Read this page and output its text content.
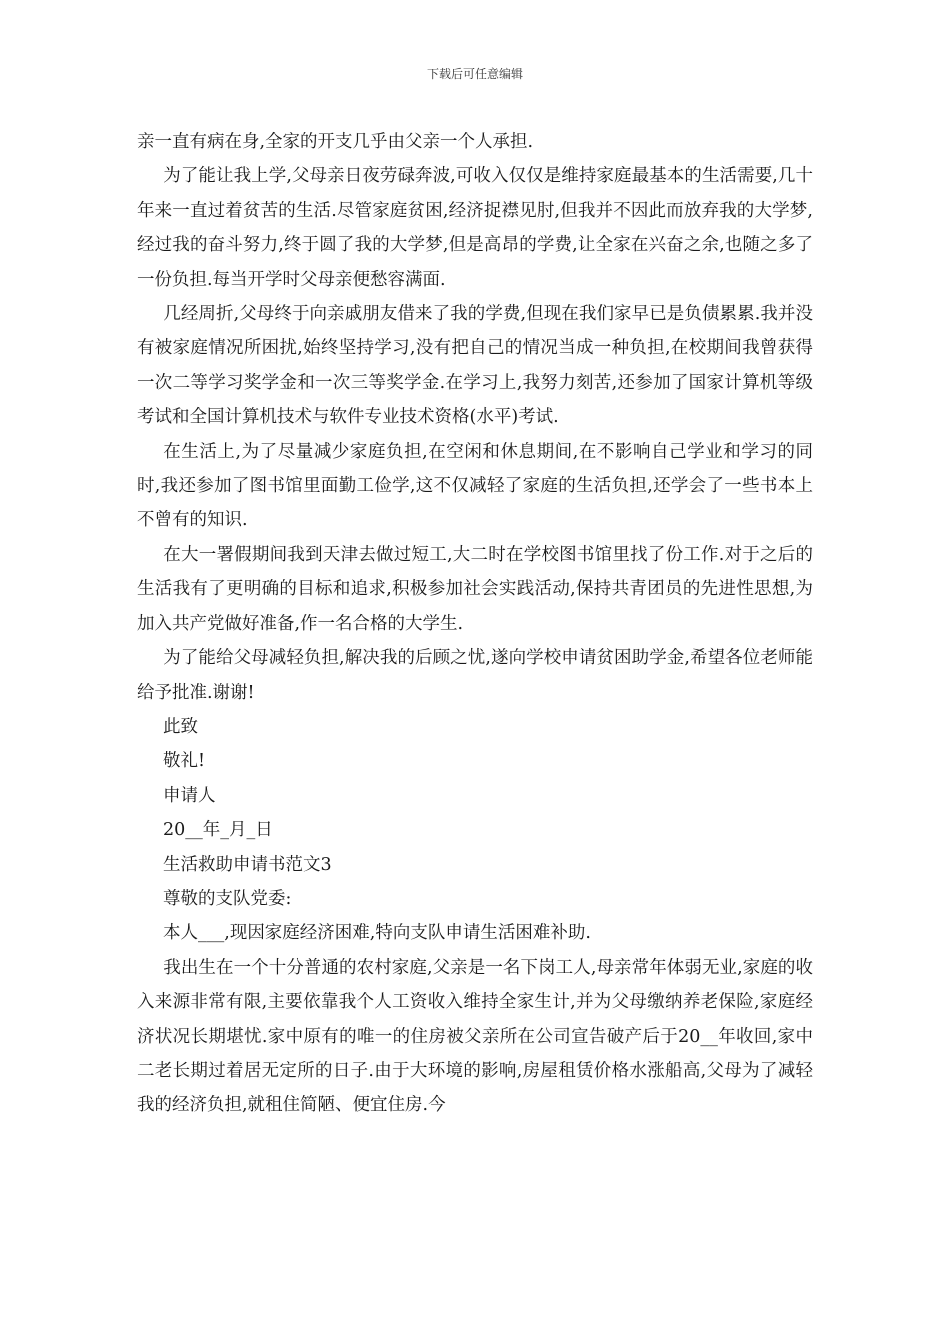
下载后可任意编辑

亲一直有病在身,全家的开支几乎由父亲一个人承担.

为了能让我上学,父母亲日夜劳碌奔波,可收入仅仅是维持家庭最基本的生活需要,几十年来一直过着贫苦的生活.尽管家庭贫困,经济捉襟见肘,但我并不因此而放弃我的大学梦,经过我的奋斗努力,终于圆了我的大学梦,但是高昂的学费,让全家在兴奋之余,也随之多了一份负担.每当开学时父母亲便愁容满面.

几经周折,父母终于向亲戚朋友借来了我的学费,但现在我们家早已是负债累累.我并没有被家庭情况所困扰,始终坚持学习,没有把自己的情况当成一种负担,在校期间我曾获得一次二等学习奖学金和一次三等奖学金.在学习上,我努力刻苦,还参加了国家计算机等级考试和全国计算机技术与软件专业技术资格(水平)考试.

在生活上,为了尽量减少家庭负担,在空闲和休息期间,在不影响自己学业和学习的同时,我还参加了图书馆里面勤工俭学,这不仅减轻了家庭的生活负担,还学会了一些书本上不曾有的知识.

在大一署假期间我到天津去做过短工,大二时在学校图书馆里找了份工作.对于之后的生活我有了更明确的目标和追求,积极参加社会实践活动,保持共青团员的先进性思想,为加入共产党做好准备,作一名合格的大学生.

为了能给父母减轻负担,解决我的后顾之忧,遂向学校申请贫困助学金,希望各位老师能给予批准.谢谢!

此致

敬礼!

申请人

20__年_月_日

生活救助申请书范文3

尊敬的支队党委:

本人___,现因家庭经济困难,特向支队申请生活困难补助.

我出生在一个十分普通的农村家庭,父亲是一名下岗工人,母亲常年体弱无业,家庭的收入来源非常有限,主要依靠我个人工资收入维持全家生计,并为父母缴纳养老保险,家庭经济状况长期堪忧.家中原有的唯一的住房被父亲所在公司宣告破产后于20__年收回,家中二老长期过着居无定所的日子.由于大环境的影响,房屋租赁价格水涨船高,父母为了减轻我的经济负担,就租住简陋、便宜住房.今
